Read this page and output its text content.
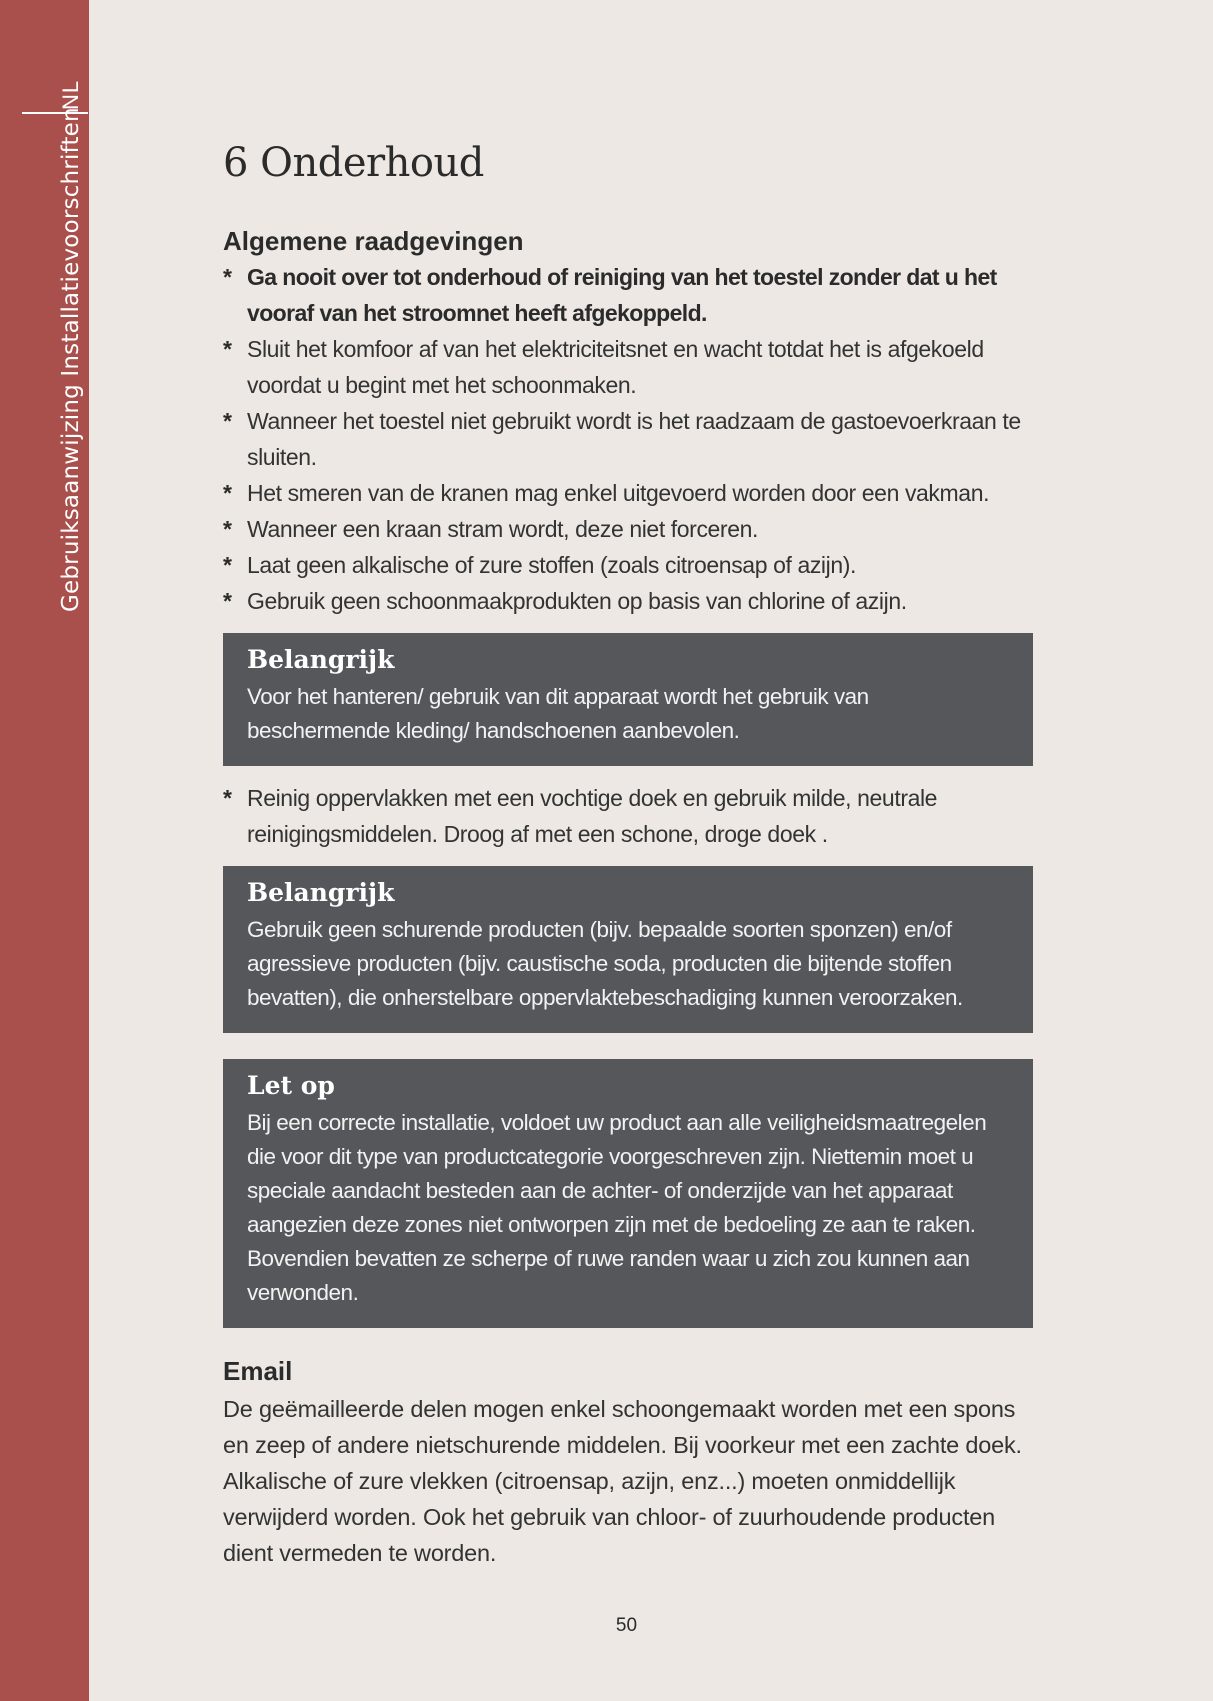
NL
Gebruiksaanwijzing Installatievoorschriften	6 Onderhoud
Algemene raadgevingen
* Ga nooit over tot onderhoud of reiniging van het toestel zonder dat u het vooraf van het stroomnet heeft afgekoppeld.
* Sluit het komfoor af van het elektriciteitsnet en wacht totdat het is afgekoeld voordat u begint met het schoonmaken.
* Wanneer het toestel niet gebruikt wordt is het raadzaam de gastoevoerkraan te sluiten.
* Het smeren van de kranen mag enkel uitgevoerd worden door een vakman.
* Wanneer een kraan stram wordt, deze niet forceren.
* Laat geen alkalische of zure stoffen (zoals citroensap of azijn).
* Gebruik geen schoonmaakprodukten op basis van chlorine of azijn.
Belangrijk
Voor het hanteren/ gebruik van dit apparaat wordt het gebruik van beschermende kleding/ handschoenen aanbevolen.
* Reinig oppervlakken met een vochtige doek en gebruik milde, neutrale reinigingsmiddelen. Droog af met een schone, droge doek .
Belangrijk
Gebruik geen schurende producten (bijv. bepaalde soorten sponzen) en/of agressieve producten (bijv. caustische soda, producten die bijtende stoffen bevatten), die onherstelbare oppervlaktebeschadiging kunnen veroorzaken.
Let op
Bij een correcte installatie, voldoet uw product aan alle veiligheidsmaatregelen die voor dit type van productcategorie voorgeschreven zijn. Niettemin moet u speciale aandacht besteden aan de achter- of onderzijde van het apparaat aangezien deze zones niet ontworpen zijn met de bedoeling ze aan te raken. Bovendien bevatten ze scherpe of ruwe randen waar u zich zou kunnen aan verwonden.
Email
De geëmailleerde delen mogen enkel schoongemaakt worden met een spons en zeep of andere nietschurende middelen. Bij voorkeur met een zachte doek. Alkalische of zure vlekken (citroensap, azijn, enz...) moeten onmiddellijk verwijderd worden. Ook het gebruik van chloor- of zuurhoudende producten dient vermeden te worden.
50
